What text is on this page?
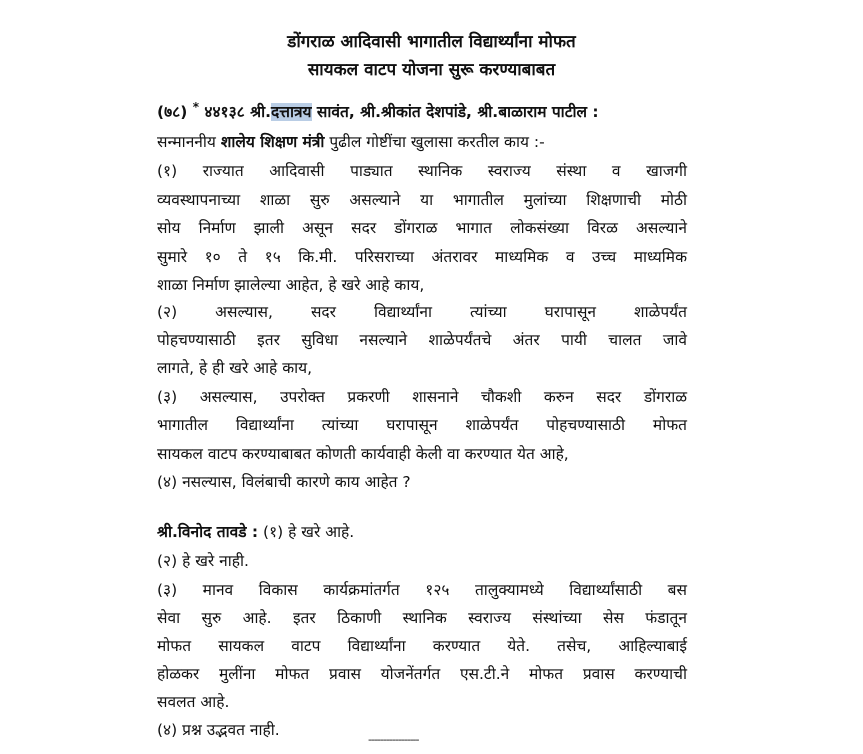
डोंगराळ आदिवासी भागातील विद्यार्थ्यांना मोफत
सायकल वाटप योजना सुरू करण्याबाबत
(७८) * ४४१३८ श्री.दत्तात्रय सावंत, श्री.श्रीकांत देशपांडे, श्री.बाळाराम पाटील :
सन्माननीय शालेय शिक्षण मंत्री पुढील गोष्टींचा खुलासा करतील काय :-
(१) राज्यात आदिवासी पाड्यात स्थानिक स्वराज्य संस्था व खाजगी
व्यवस्थापनाच्या शाळा सुरु असल्याने या भागातील मुलांच्या शिक्षणाची मोठी
सोय निर्माण झाली असून सदर डोंगराळ भागात लोकसंख्या विरळ असल्याने
सुमारे १० ते १५ कि.मी. परिसराच्या अंतरावर माध्यमिक व उच्च माध्यमिक
शाळा निर्माण झालेल्या आहेत, हे खरे आहे काय,
(२) असल्यास, सदर विद्यार्थ्यांना त्यांच्या घरापासून शाळेपर्यंत
पोहचण्यासाठी इतर सुविधा नसल्याने शाळेपर्यंतचे अंतर पायी चालत जावे
लागते, हे ही खरे आहे काय,
(३) असल्यास, उपरोक्त प्रकरणी शासनाने चौकशी करुन सदर डोंगराळ
भागातील विद्यार्थ्यांना त्यांच्या घरापासून शाळेपर्यंत पोहचण्यासाठी मोफत
सायकल वाटप करण्याबाबत कोणती कार्यवाही केली वा करण्यात येत आहे,
(४) नसल्यास, विलंबाची कारणे काय आहेत ?
श्री.विनोद तावडे : (१) हे खरे आहे.
(२) हे खरे नाही.
(३) मानव विकास कार्यक्रमांतर्गत १२५ तालुक्यामध्ये विद्यार्थ्यांसाठी बस
सेवा सुरु आहे. इतर ठिकाणी स्थानिक स्वराज्य संस्थांच्या सेस फंडातून
मोफत सायकल वाटप विद्यार्थ्यांना करण्यात येते. तसेच, आहिल्याबाई
होळकर मुलींना मोफत प्रवास योजनेंतर्गत एस.टी.ने मोफत प्रवास करण्याची
सवलत आहे.
(४) प्रश्न उद्भवत नाही.
-----------------
